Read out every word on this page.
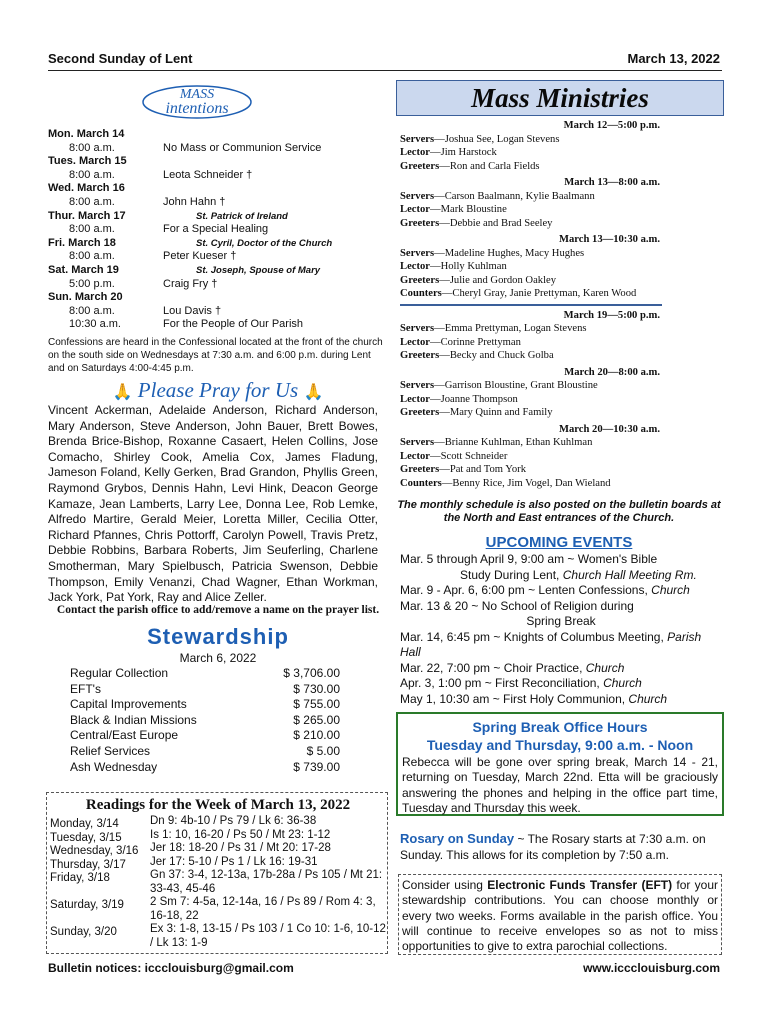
Second Sunday of Lent	March 13, 2022
MASS
intentions
Mon. March 14
8:00 a.m.	No Mass or Communion Service
Tues. March 15
8:00 a.m.	Leota Schneider †
Wed. March 16
8:00 a.m.	John Hahn †
Thur. March 17	St. Patrick of Ireland
8:00 a.m.	For a Special Healing
Fri. March 18	St. Cyril, Doctor of the Church
8:00 a.m.	Peter Kueser †
Sat. March 19	St. Joseph, Spouse of Mary
5:00 p.m.	Craig Fry †
Sun. March 20
8:00 a.m.	Lou Davis †
10:30 a.m.	For the People of Our Parish
Confessions are heard in the Confessional located at the front of the church on the south side on Wednesdays at 7:30 a.m. and 6:00 p.m. during Lent and on Saturdays 4:00-4:45 p.m.
🙏 Please Pray for Us 🙏
Vincent Ackerman, Adelaide Anderson, Richard Anderson, Mary Anderson, Steve Anderson, John Bauer, Brett Bowes, Brenda Brice-Bishop, Roxanne Casaert, Helen Collins, Jose Comacho, Shirley Cook, Amelia Cox, James Fladung, Jameson Foland, Kelly Gerken, Brad Grandon, Phyllis Green, Raymond Grybos, Dennis Hahn, Levi Hink, Deacon George Kamaze, Jean Lamberts, Larry Lee, Donna Lee, Rob Lemke, Alfredo Martire, Gerald Meier, Loretta Miller, Cecilia Otter, Richard Pfannes, Chris Pottorff, Carolyn Powell, Travis Pretz, Debbie Robbins, Barbara Roberts, Jim Seuferling, Charlene Smotherman, Mary Spielbusch, Patricia Swenson, Debbie Thompson, Emily Venanzi, Chad Wagner, Ethan Workman, Jack York, Pat York, Ray and Alice Zeller.
Contact the parish office to add/remove a name on the prayer list.
Stewardship
March 6, 2022
Regular Collection	$ 3,706.00
EFT's	$ 730.00
Capital Improvements	$ 755.00
Black & Indian Missions	$ 265.00
Central/East Europe	$ 210.00
Relief Services	$ 5.00
Ash Wednesday	$ 739.00
Readings for the Week of March 13, 2022
Monday, 3/14	Dn 9: 4b-10 / Ps 79 / Lk 6: 36-38
Tuesday, 3/15 Is 1: 10, 16-20 / Ps 50 / Mt 23: 1-12
Wednesday, 3/16 Jer 18: 18-20 / Ps 31 / Mt 20: 17-28
Thursday, 3/17 Jer 17: 5-10 / Ps 1 / Lk 16: 19-31
Friday, 3/18	Gn 37: 3-4, 12-13a, 17b-28a / Ps 105 / Mt 21: 33-43, 45-46
Saturday, 3/19 2 Sm 7: 4-5a, 12-14a, 16 / Ps 89 / Rom 4: 3, 16-18, 22
Sunday, 3/20	Ex 3: 1-8, 13-15 / Ps 103 / 1 Co 10: 1-6, 10-12 / Lk 13: 1-9
Bulletin notices: iccclouisburg@gmail.com	www.iccclouisburg.com
Mass Ministries
March 12—5:00 p.m.
Servers—Joshua See, Logan Stevens
Lector—Jim Harstock
Greeters—Ron and Carla Fields
March 13—8:00 a.m.
Servers—Carson Baalmann, Kylie Baalmann
Lector—Mark Bloustine
Greeters—Debbie and Brad Seeley
March 13—10:30 a.m.
Servers—Madeline Hughes, Macy Hughes
Lector—Holly Kuhlman
Greeters—Julie and Gordon Oakley
Counters—Cheryl Gray, Janie Prettyman, Karen Wood
March 19—5:00 p.m.
Servers—Emma Prettyman, Logan Stevens
Lector—Corinne Prettyman
Greeters—Becky and Chuck Golba
March 20—8:00 a.m.
Servers—Garrison Bloustine, Grant Bloustine
Lector—Joanne Thompson
Greeters—Mary Quinn and Family
March 20—10:30 a.m.
Servers—Brianne Kuhlman, Ethan Kuhlman
Lector—Scott Schneider
Greeters—Pat and Tom York
Counters—Benny Rice, Jim Vogel, Dan Wieland
The monthly schedule is also posted on the bulletin boards at the North and East entrances of the Church.
UPCOMING EVENTS
Mar. 5 through April 9, 9:00 am ~ Women's Bible
Study During Lent, Church Hall Meeting Rm.
Mar. 9 - Apr. 6, 6:00 pm ~ Lenten Confessions, Church
Mar. 13 & 20 ~ No School of Religion during
Spring Break
Mar. 14, 6:45 pm ~ Knights of Columbus Meeting, Parish Hall
Mar. 22, 7:00 pm ~ Choir Practice, Church
Apr. 3, 1:00 pm ~ First Reconciliation, Church
May 1, 10:30 am ~ First Holy Communion, Church
Spring Break Office Hours
Tuesday and Thursday, 9:00 a.m. - Noon
Rebecca will be gone over spring break, March 14 - 21, returning on Tuesday, March 22nd. Etta will be graciously answering the phones and helping in the office part time, Tuesday and Thursday this week.
Rosary on Sunday ~ The Rosary starts at 7:30 a.m. on Sunday. This allows for its completion by 7:50 a.m.
Consider using Electronic Funds Transfer (EFT) for your stewardship contributions. You can choose monthly or every two weeks. Forms available in the parish office. You will continue to receive envelopes so as not to miss opportunities to give to extra parochial collections.
